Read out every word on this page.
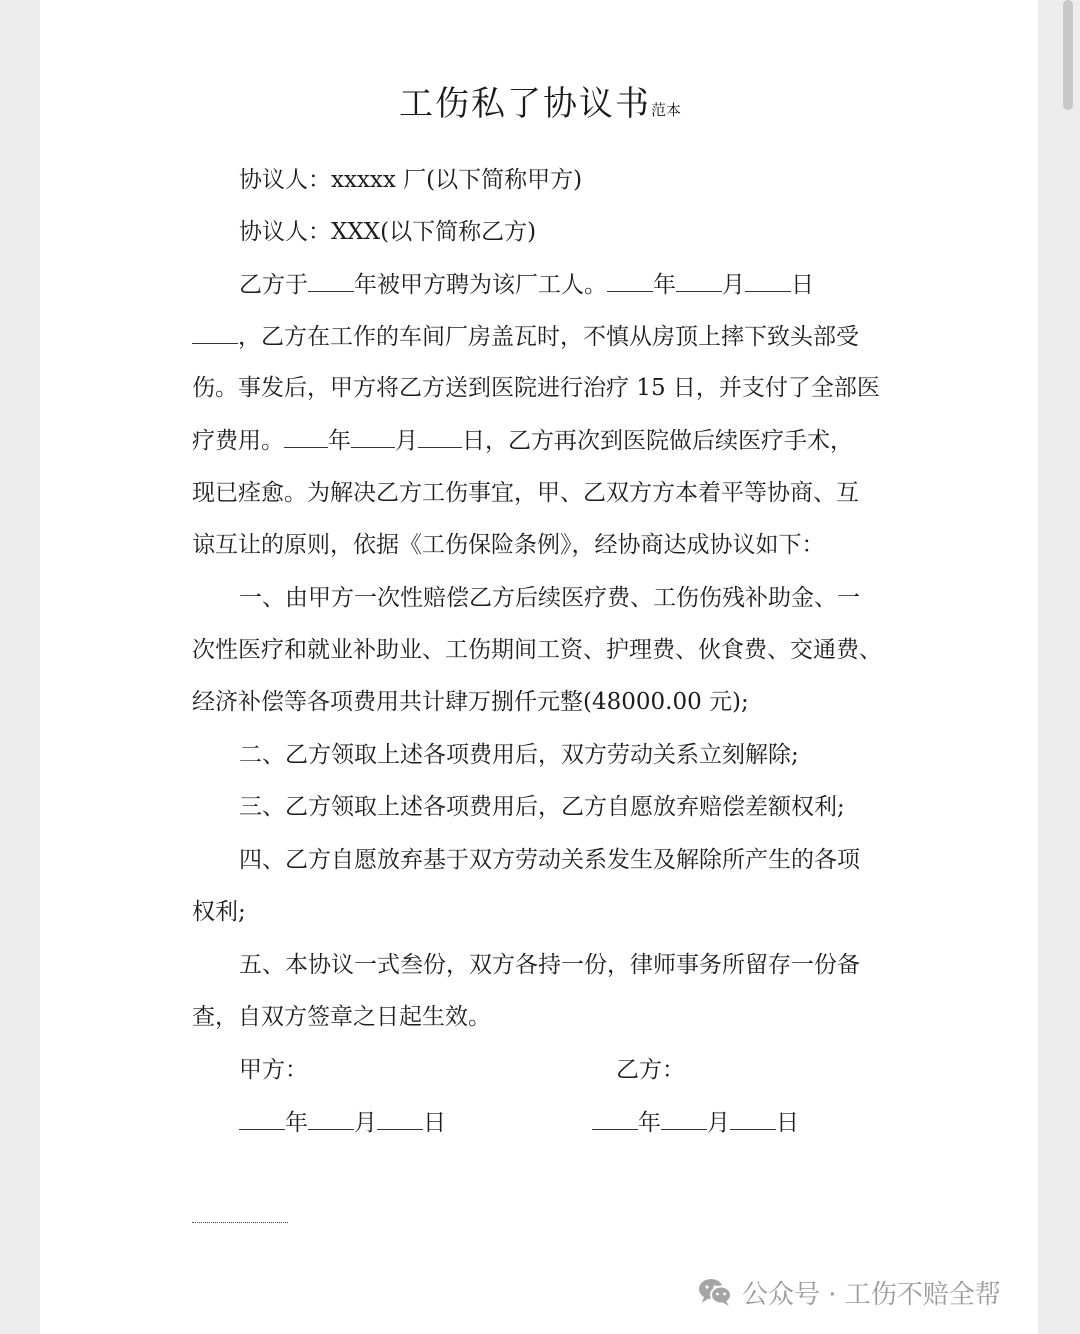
工伤私了协议书范本
协议人：xxxxx 厂(以下简称甲方)
协议人：XXX(以下简称乙方)
乙方于 年被甲方聘为该厂工人。 年 月 日
，乙方在工作的车间厂房盖瓦时，不慎从房顶上摔下致头部受
伤。事发后，甲方将乙方送到医院进行治疗 15 日，并支付了全部医
疗费用。 年 月 日，乙方再次到医院做后续医疗手术，
现已痊愈。为解决乙方工伤事宜，甲、乙双方方本着平等协商、互
谅互让的原则，依据《工伤保险条例》，经协商达成协议如下：
一、由甲方一次性赔偿乙方后续医疗费、工伤伤残补助金、一
次性医疗和就业补助业、工伤期间工资、护理费、伙食费、交通费、
经济补偿等各项费用共计肆万捌仟元整(48000.00 元);
二、乙方领取上述各项费用后，双方劳动关系立刻解除;
三、乙方领取上述各项费用后，乙方自愿放弃赔偿差额权利;
四、乙方自愿放弃基于双方劳动关系发生及解除所产生的各项
权利;
五、本协议一式叁份，双方各持一份，律师事务所留存一份备
查，自双方签章之日起生效。
甲方：	乙方：
年 月 日	年 月 日
公众号 · 工伤不赔全帮
